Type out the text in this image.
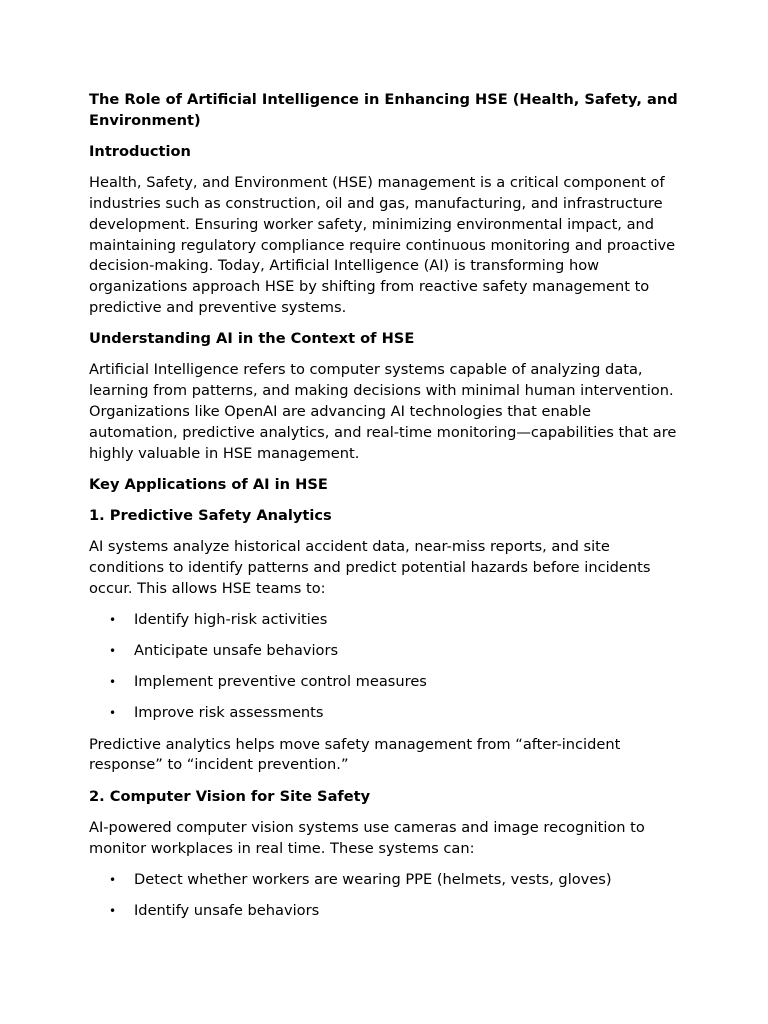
The Role of Artificial Intelligence in Enhancing HSE (Health, Safety, and Environment)
Introduction

Health, Safety, and Environment (HSE) management is a critical component of industries such as construction, oil and gas, manufacturing, and infrastructure development. Ensuring worker safety, minimizing environmental impact, and maintaining regulatory compliance require continuous monitoring and proactive decision-making. Today, Artificial Intelligence (AI) is transforming how organizations approach HSE by shifting from reactive safety management to predictive and preventive systems.

Understanding AI in the Context of HSE

Artificial Intelligence refers to computer systems capable of analyzing data, learning from patterns, and making decisions with minimal human intervention. Organizations like OpenAI are advancing AI technologies that enable automation, predictive analytics, and real-time monitoring—capabilities that are highly valuable in HSE management.

Key Applications of AI in HSE
1. Predictive Safety Analytics

AI systems analyze historical accident data, near-miss reports, and site conditions to identify patterns and predict potential hazards before incidents occur. This allows HSE teams to:

• Identify high-risk activities
• Anticipate unsafe behaviors
• Implement preventive control measures
• Improve risk assessments

Predictive analytics helps move safety management from “after-incident response” to “incident prevention.”

2. Computer Vision for Site Safety

AI-powered computer vision systems use cameras and image recognition to monitor workplaces in real time. These systems can:

• Detect whether workers are wearing PPE (helmets, vests, gloves)
• Identify unsafe behaviors
